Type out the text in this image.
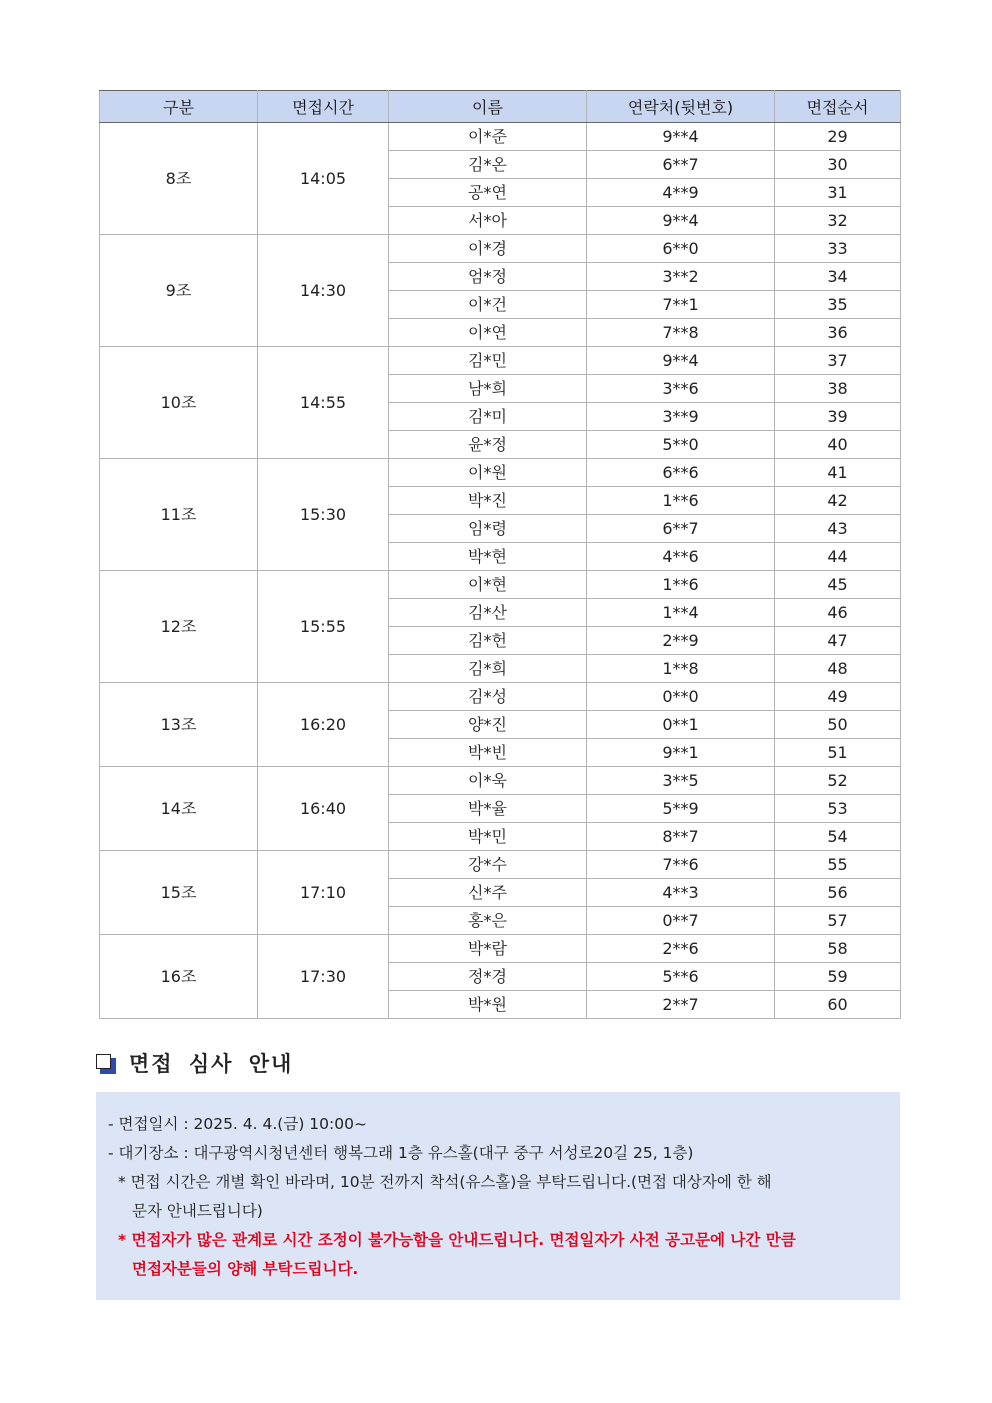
구분	면접시간	이름	연락처(뒷번호)	면접순서
8조	14:05	이*준	9**4	29
		김*온	6**7	30
		공*연	4**9	31
		서*아	9**4	32
9조	14:30	이*경	6**0	33
		엄*정	3**2	34
		이*건	7**1	35
		이*연	7**8	36
10조	14:55	김*민	9**4	37
		남*희	3**6	38
		김*미	3**9	39
		윤*정	5**0	40
11조	15:30	이*원	6**6	41
		박*진	1**6	42
		임*령	6**7	43
		박*현	4**6	44
12조	15:55	이*현	1**6	45
		김*산	1**4	46
		김*헌	2**9	47
		김*희	1**8	48
13조	16:20	김*성	0**0	49
		양*진	0**1	50
		박*빈	9**1	51
14조	16:40	이*욱	3**5	52
		박*율	5**9	53
		박*민	8**7	54
15조	17:10	강*수	7**6	55
		신*주	4**3	56
		홍*은	0**7	57
16조	17:30	박*람	2**6	58
		정*경	5**6	59
		박*원	2**7	60
면접 심사 안내
- 면접일시 : 2025. 4. 4.(금) 10:00~
- 대기장소 : 대구광역시청년센터 행복그래 1층 유스홀(대구 중구 서성로20길 25, 1층)
* 면접 시간은 개별 확인 바라며, 10분 전까지 착석(유스홀)을 부탁드립니다.(면접 대상자에 한 해
문자 안내드립니다)
* 면접자가 많은 관계로 시간 조정이 불가능함을 안내드립니다. 면접일자가 사전 공고문에 나간 만큼
면접자분들의 양해 부탁드립니다.
